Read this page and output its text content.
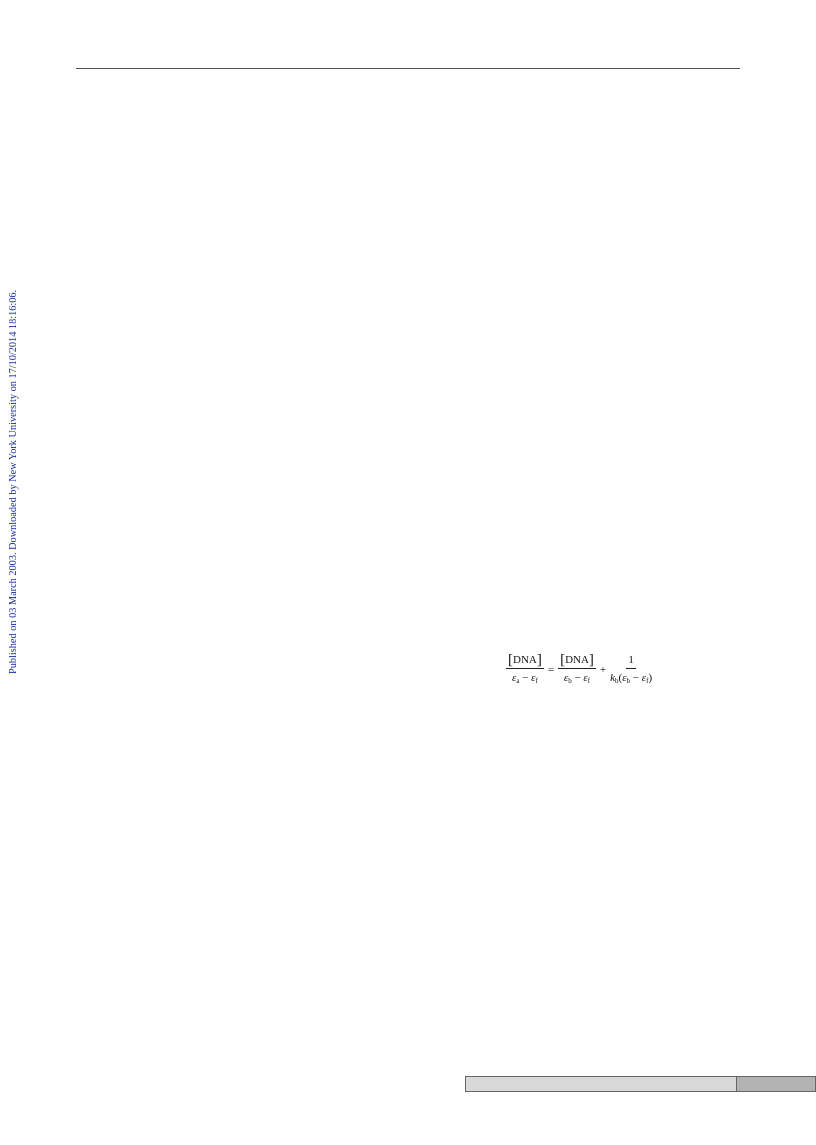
Published on 03 March 2003. Downloaded by New York University on 17/10/2014 18:16:06.	$\frac{\text{[DNA]}}{\varepsilon_a - \varepsilon_f} = \frac{\text{[DNA]}}{\varepsilon_b - \varepsilon_f} + \frac{1}{k_b(\varepsilon_b - \varepsilon_f)}$
